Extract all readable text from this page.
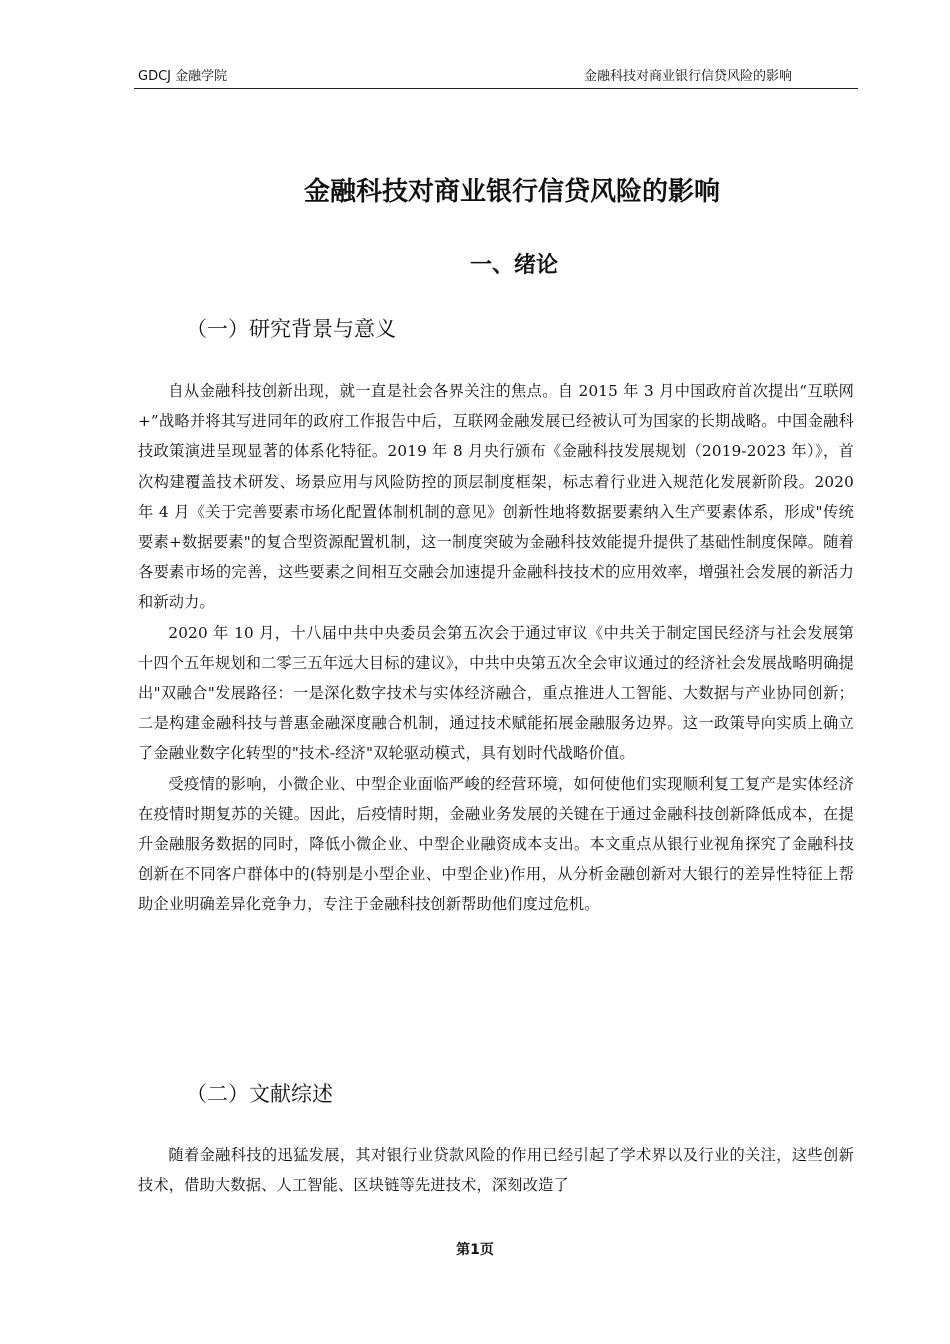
GDCJ 金融学院	金融科技对商业银行信贷风险的影响
金融科技对商业银行信贷风险的影响
一、绪论
（一）研究背景与意义

自从金融科技创新出现，就一直是社会各界关注的焦点。自 2015 年 3 月中国政府首次提出“互联网+”战略并将其写进同年的政府工作报告中后，互联网金融发展已经被认可为国家的长期战略。中国金融科技政策演进呈现显著的体系化特征。2019 年 8 月央行颁布《金融科技发展规划（2019-2023 年）》，首次构建覆盖技术研发、场景应用与风险防控的顶层制度框架，标志着行业进入规范化发展新阶段。2020 年 4 月《关于完善要素市场化配置体制机制的意见》创新性地将数据要素纳入生产要素体系，形成"传统要素+数据要素"的复合型资源配置机制，这一制度突破为金融科技效能提升提供了基础性制度保障。随着各要素市场的完善，这些要素之间相互交融会加速提升金融科技技术的应用效率，增强社会发展的新活力和新动力。

2020 年 10 月，十八届中共中央委员会第五次会于通过审议《中共关于制定国民经济与社会发展第十四个五年规划和二零三五年远大目标的建议》，中共中央第五次全会审议通过的经济社会发展战略明确提出"双融合"发展路径：一是深化数字技术与实体经济融合，重点推进人工智能、大数据与产业协同创新；二是构建金融科技与普惠金融深度融合机制，通过技术赋能拓展金融服务边界。这一政策导向实质上确立了金融业数字化转型的"技术-经济"双轮驱动模式，具有划时代战略价值。

受疫情的影响，小微企业、中型企业面临严峻的经营环境，如何使他们实现顺利复工复产是实体经济在疫情时期复苏的关键。因此，后疫情时期，金融业务发展的关键在于通过金融科技创新降低成本，在提升金融服务数据的同时，降低小微企业、中型企业融资成本支出。本文重点从银行业视角探究了金融科技创新在不同客户群体中的(特别是小型企业、中型企业)作用，从分析金融创新对大银行的差异性特征上帮助企业明确差异化竞争力，专注于金融科技创新帮助他们度过危机。

（二）文献综述

随着金融科技的迅猛发展，其对银行业贷款风险的作用已经引起了学术界以及行业的关注，这些创新技术，借助大数据、人工智能、区块链等先进技术，深刻改造了

第1页
